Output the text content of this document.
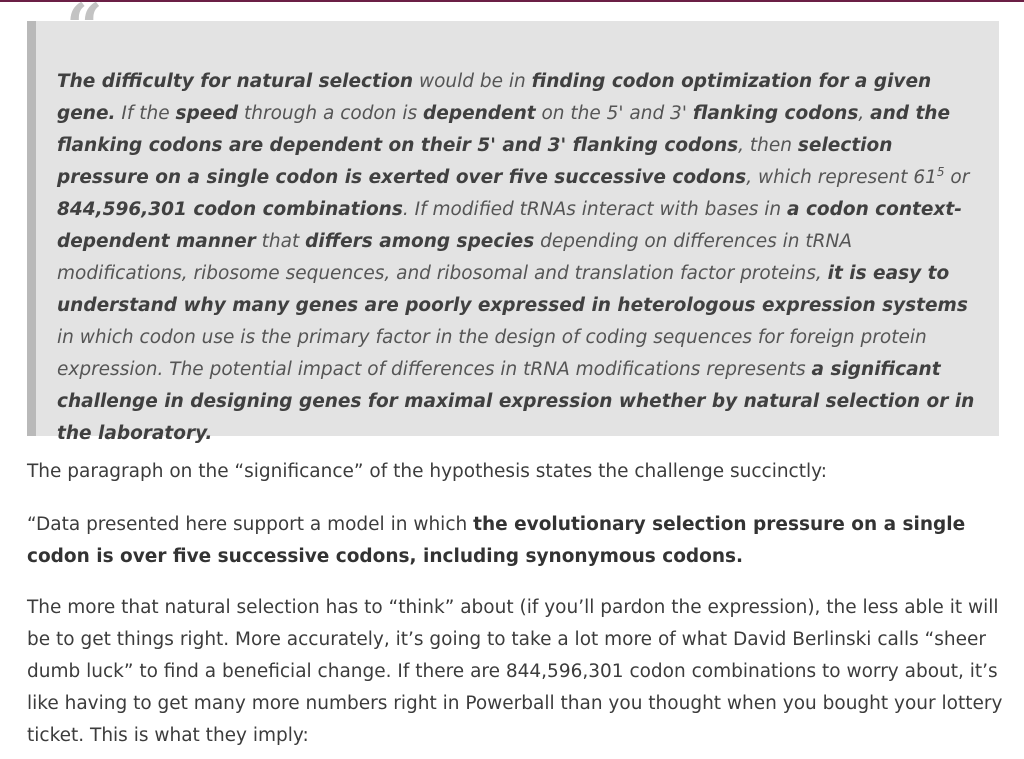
“

The difficulty for natural selection would be in finding codon optimization for a given gene. If the speed through a codon is dependent on the 5' and 3' flanking codons, and the flanking codons are dependent on their 5' and 3' flanking codons, then selection pressure on a single codon is exerted over five successive codons, which represent $61^5$ or 844,596,301 codon combinations. If modified tRNAs interact with bases in a codon context-dependent manner that differs among species depending on differences in tRNA modifications, ribosome sequences, and ribosomal and translation factor proteins, it is easy to understand why many genes are poorly expressed in heterologous expression systems in which codon use is the primary factor in the design of coding sequences for foreign protein expression. The potential impact of differences in tRNA modifications represents a significant challenge in designing genes for maximal expression whether by natural selection or in the laboratory.

The paragraph on the “significance” of the hypothesis states the challenge succinctly:

“Data presented here support a model in which the evolutionary selection pressure on a single codon is over five successive codons, including synonymous codons.

The more that natural selection has to “think” about (if you’ll pardon the expression), the less able it will be to get things right. More accurately, it’s going to take a lot more of what David Berlinski calls “sheer dumb luck” to find a beneficial change. If there are 844,596,301 codon combinations to worry about, it’s like having to get many more numbers right in Powerball than you thought when you bought your lottery ticket. This is what they imply:
